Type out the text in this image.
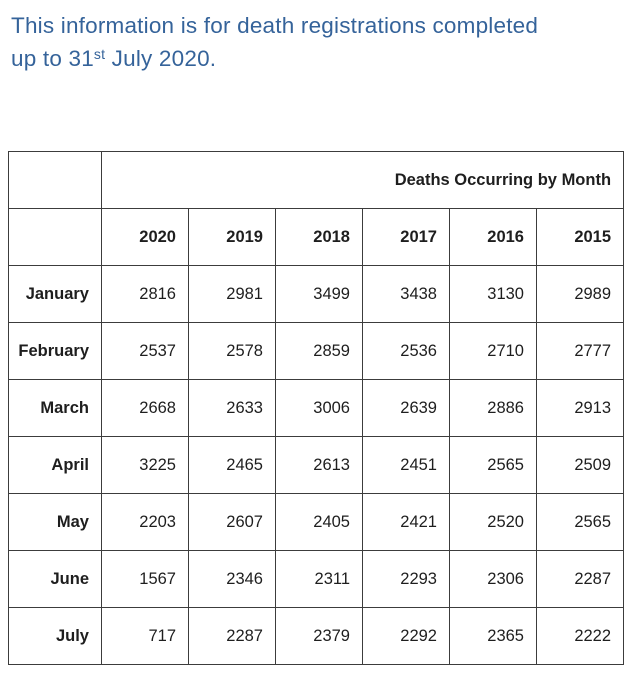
This information is for death registrations completed
up to 31st July 2020.
	Deaths Occurring by Month					
	2020	2019	2018	2017	2016	2015
January	2816	2981	3499	3438	3130	2989
February	2537	2578	2859	2536	2710	2777
March	2668	2633	3006	2639	2886	2913
April	3225	2465	2613	2451	2565	2509
May	2203	2607	2405	2421	2520	2565
June	1567	2346	2311	2293	2306	2287
July	717	2287	2379	2292	2365	2222
